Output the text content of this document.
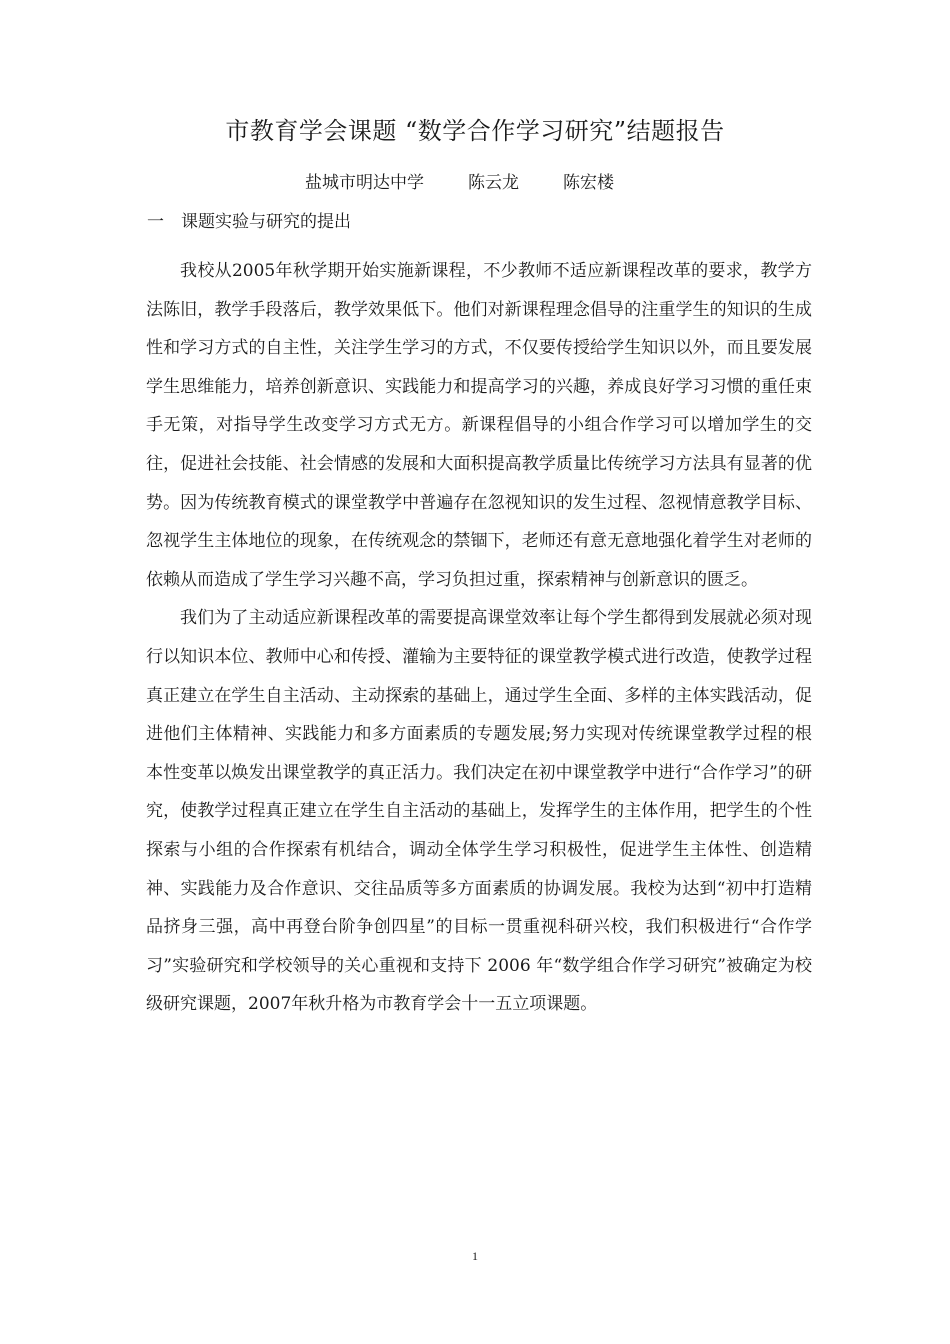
市教育学会课题 “数学合作学习研究”结题报告
盐城市明达中学	陈云龙	陈宏楼
一 课题实验与研究的提出

我校从2005年秋学期开始实施新课程，不少教师不适应新课程改革的要求，教学方法陈旧，教学手段落后，教学效果低下。他们对新课程理念倡导的注重学生的知识的生成性和学习方式的自主性，关注学生学习的方式，不仅要传授给学生知识以外，而且要发展学生思维能力，培养创新意识、实践能力和提高学习的兴趣，养成良好学习习惯的重任束手无策，对指导学生改变学习方式无方。新课程倡导的小组合作学习可以增加学生的交往，促进社会技能、社会情感的发展和大面积提高教学质量比传统学习方法具有显著的优势。因为传统教育模式的课堂教学中普遍存在忽视知识的发生过程、忽视情意教学目标、忽视学生主体地位的现象，在传统观念的禁锢下，老师还有意无意地强化着学生对老师的依赖从而造成了学生学习兴趣不高，学习负担过重，探索精神与创新意识的匮乏。

我们为了主动适应新课程改革的需要提高课堂效率让每个学生都得到发展就必须对现行以知识本位、教师中心和传授、灌输为主要特征的课堂教学模式进行改造，使教学过程真正建立在学生自主活动、主动探索的基础上，通过学生全面、多样的主体实践活动，促进他们主体精神、实践能力和多方面素质的专题发展;努力实现对传统课堂教学过程的根本性变革以焕发出课堂教学的真正活力。我们决定在初中课堂教学中进行“合作学习”的研究，使教学过程真正建立在学生自主活动的基础上，发挥学生的主体作用，把学生的个性探索与小组的合作探索有机结合，调动全体学生学习积极性，促进学生主体性、创造精神、实践能力及合作意识、交往品质等多方面素质的协调发展。我校为达到“初中打造精品挤身三强，高中再登台阶争创四星”的目标一贯重视科研兴校，我们积极进行“合作学习”实验研究和学校领导的关心重视和支持下 2006 年“数学组合作学习研究”被确定为校级研究课题，2007年秋升格为市教育学会十一五立项课题。

1
